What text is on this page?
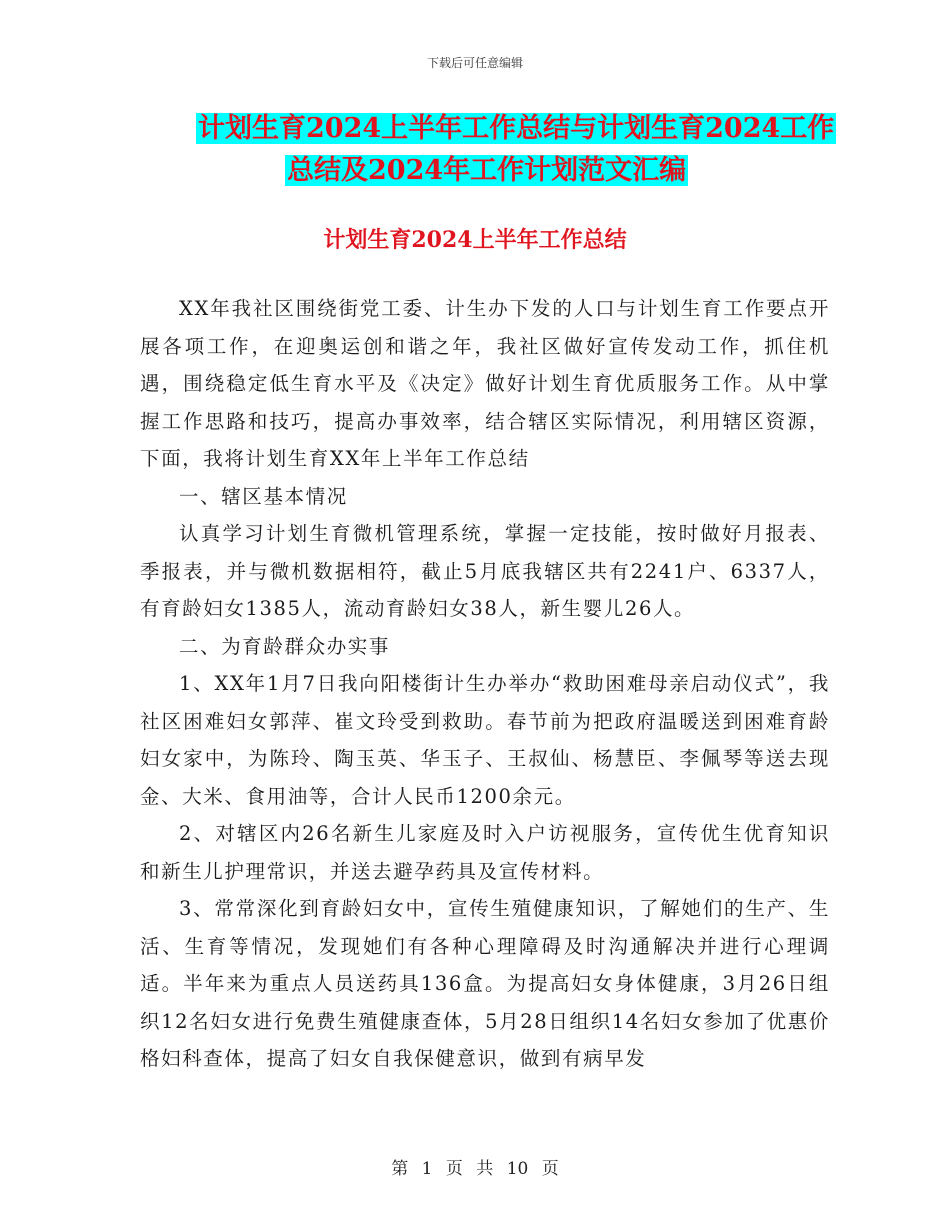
下载后可任意编辑
计划生育2024上半年工作总结与计划生育2024工作
总结及2024年工作计划范文汇编
计划生育2024上半年工作总结

XX年我社区围绕街党工委、计生办下发的人口与计划生育工作要点开展各项工作，在迎奥运创和谐之年，我社区做好宣传发动工作，抓住机遇，围绕稳定低生育水平及《决定》做好计划生育优质服务工作。从中掌握工作思路和技巧，提高办事效率，结合辖区实际情况，利用辖区资源，下面，我将计划生育XX年上半年工作总结

一、辖区基本情况

认真学习计划生育微机管理系统，掌握一定技能，按时做好月报表、季报表，并与微机数据相符，截止5月底我辖区共有2241户、6337人，有育龄妇女1385人，流动育龄妇女38人，新生婴儿26人。

二、为育龄群众办实事

1、XX年1月7日我向阳楼街计生办举办“救助困难母亲启动仪式”，我社区困难妇女郭萍、崔文玲受到救助。春节前为把政府温暖送到困难育龄妇女家中，为陈玲、陶玉英、华玉子、王叔仙、杨慧臣、李佩琴等送去现金、大米、食用油等，合计人民币1200余元。

2、对辖区内26名新生儿家庭及时入户访视服务，宣传优生优育知识和新生儿护理常识，并送去避孕药具及宣传材料。

3、常常深化到育龄妇女中，宣传生殖健康知识，了解她们的生产、生活、生育等情况，发现她们有各种心理障碍及时沟通解决并进行心理调适。半年来为重点人员送药具136盒。为提高妇女身体健康，3月26日组织12名妇女进行免费生殖健康查体，5月28日组织14名妇女参加了优惠价格妇科查体，提高了妇女自我保健意识，做到有病早发

第 1 页 共 10 页
